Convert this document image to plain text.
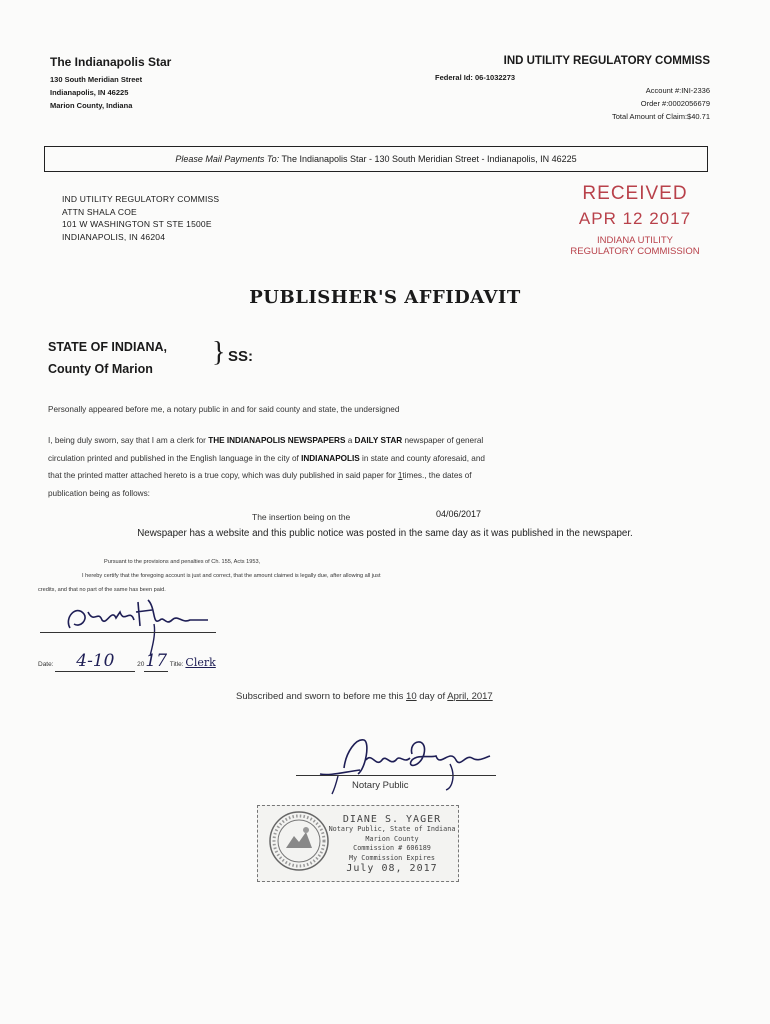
The Indianapolis Star
130 South Meridian Street
Indianapolis, IN 46225
Marion County, Indiana
IND UTILITY REGULATORY COMMISS
Federal Id: 06-1032273
Account #:INI-2336
Order #:0002056679
Total Amount of Claim:$40.71
Please Mail Payments To: The Indianapolis Star - 130 South Meridian Street - Indianapolis, IN 46225
IND UTILITY REGULATORY COMMISS
ATTN SHALA COE
101 W WASHINGTON ST STE 1500E
INDIANAPOLIS, IN 46204
RECEIVED
APR 12 2017
INDIANA UTILITY
REGULATORY COMMISSION
PUBLISHER'S AFFIDAVIT
STATE OF INDIANA,
County Of Marion
} SS:
Personally appeared before me, a notary public in and for said county and state, the undersigned
I, being duly sworn, say that I am a clerk for THE INDIANAPOLIS NEWSPAPERS a DAILY STAR newspaper of general
circulation printed and published in the English language in the city of INDIANAPOLIS in state and county aforesaid, and
that the printed matter attached hereto is a true copy, which was duly published in said paper for 1times., the dates of
publication being as follows:
The insertion being on the	04/06/2017
Newspaper has a website and this public notice was posted in the same day as it was published in the newspaper.
Pursuant to the provisions and penalties of Ch. 155, Acts 1953,
I hereby certify that the foregoing account is just and correct, that the amount claimed is legally due, after allowing all just
credits, and that no part of the same has been paid.
Date: 4-10	2017 Title: Clerk
Subscribed and sworn to before me this 10 day of April, 2017
Notary Public
DIANE S. YAGER
Notary Public, State of Indiana
Marion County
Commission # 606189
My Commission Expires
July 08, 2017
